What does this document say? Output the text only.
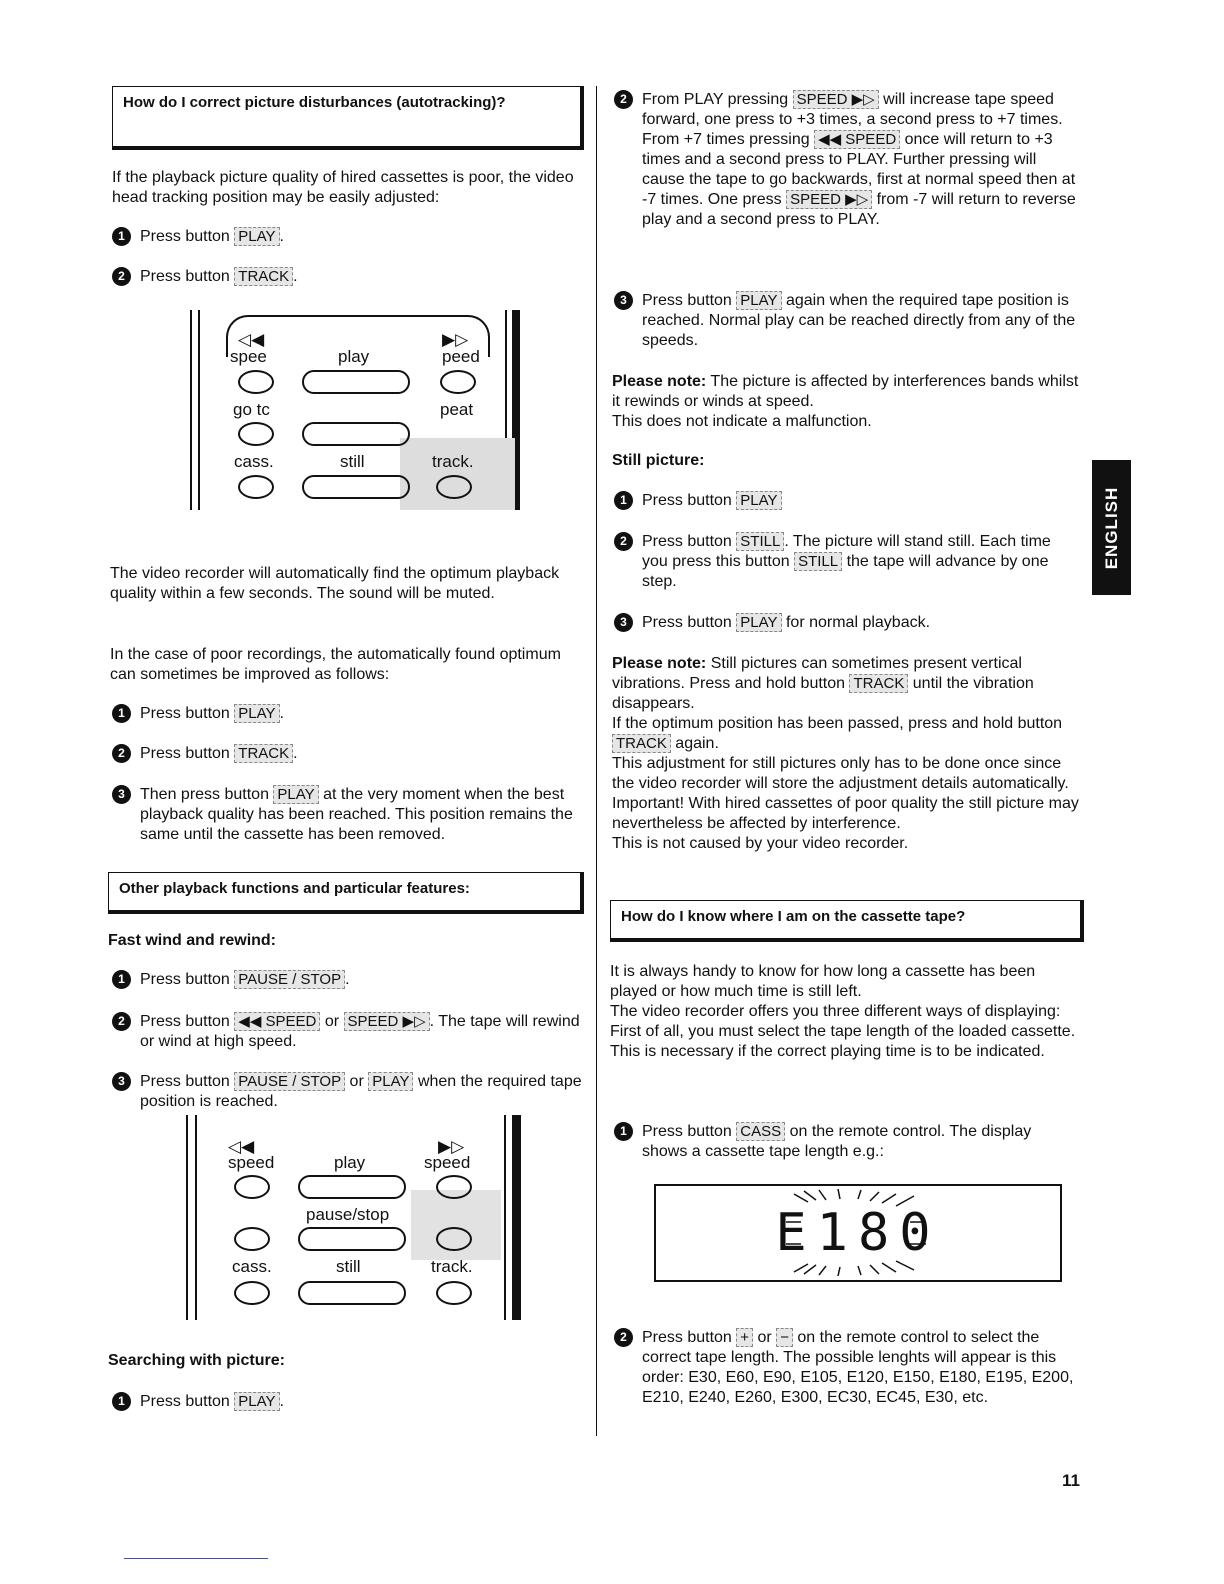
How do I correct picture disturbances (autotracking)?
If the playback picture quality of hired cassettes is poor, the video head tracking position may be easily adjusted:
1 Press button PLAY .
2 Press button TRACK .
◁◀	▶▷
spee	play	peed
go tc	peat
cass.	still	track.
The video recorder will automatically find the optimum playback quality within a few seconds. The sound will be muted.
In the case of poor recordings, the automatically found optimum can sometimes be improved as follows:
1 Press button PLAY .
2 Press button TRACK .
3 Then press button PLAY at the very moment when the best playback quality has been reached. This position remains the same until the cassette has been removed.
Other playback functions and particular features:
Fast wind and rewind:
1 Press button PAUSE / STOP .
2 Press button ◀◀ SPEED or SPEED ▶▷ . The tape will rewind or wind at high speed.
3 Press button PAUSE / STOP or PLAY when the required tape position is reached.
◁◀	▶▷
speed	play	speed
pause/stop
cass.	still	track.
Searching with picture:
1 Press button PLAY .
2 From PLAY pressing SPEED ▶▷ will increase tape speed forward, one press to +3 times, a second press to +7 times.
From +7 times pressing ◀◀ SPEED once will return to +3 times and a second press to PLAY. Further pressing will cause the tape to go backwards, first at normal speed then at -7 times. One press SPEED ▶▷ from -7 will return to reverse play and a second press to PLAY.
3 Press button PLAY again when the required tape position is reached. Normal play can be reached directly from any of the speeds.
Please note: The picture is affected by interferences bands whilst it rewinds or winds at speed.
This does not indicate a malfunction.
Still picture:
1 Press button PLAY
2 Press button STILL . The picture will stand still. Each time you press this button STILL the tape will advance by one step.
3 Press button PLAY for normal playback.
Please note: Still pictures can sometimes present vertical vibrations. Press and hold button TRACK until the vibration disappears.
If the optimum position has been passed, press and hold button TRACK again.
This adjustment for still pictures only has to be done once since the video recorder will store the adjustment details automatically.
Important! With hired cassettes of poor quality the still picture may nevertheless be affected by interference.
This is not caused by your video recorder.
How do I know where I am on the cassette tape?
It is always handy to know for how long a cassette has been played or how much time is still left.
The video recorder offers you three different ways of displaying:
First of all, you must select the tape length of the loaded cassette. This is necessary if the correct playing time is to be indicated.
1 Press button CASS on the remote control. The display shows a cassette tape length e.g.:
E180
2 Press button + or − on the remote control to select the correct tape length. The possible lenghts will appear is this order: E30, E60, E90, E105, E120, E150, E180, E195, E200, E210, E240, E260, E300, EC30, EC45, E30, etc.
ENGLISH
11
